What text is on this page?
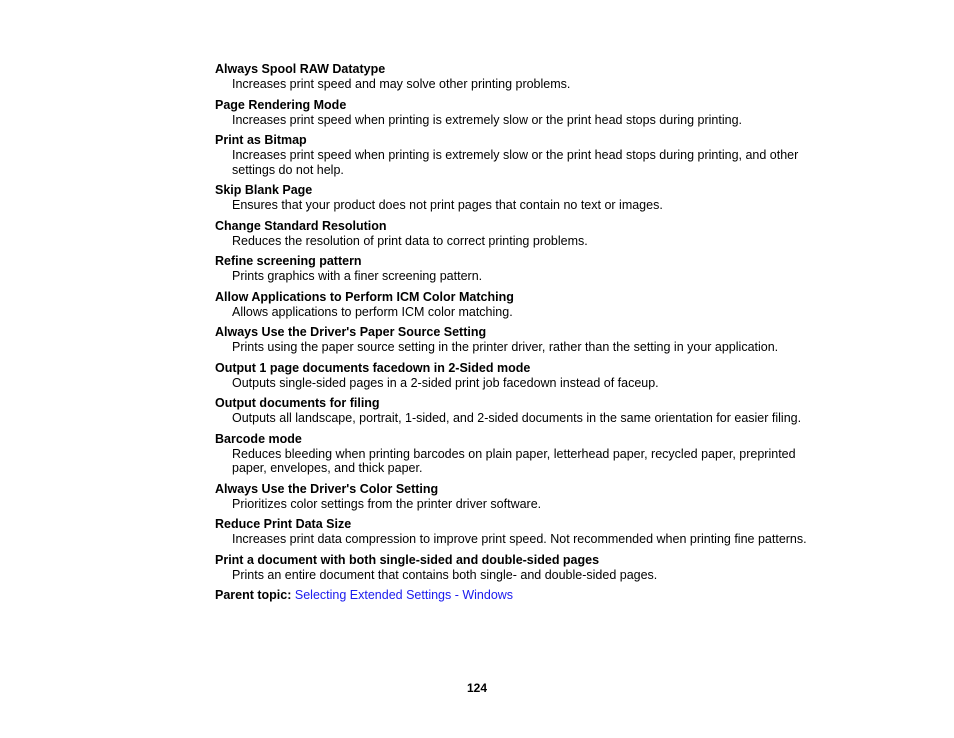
Always Spool RAW Datatype

Increases print speed and may solve other printing problems.

Page Rendering Mode

Increases print speed when printing is extremely slow or the print head stops during printing.

Print as Bitmap

Increases print speed when printing is extremely slow or the print head stops during printing, and other settings do not help.

Skip Blank Page

Ensures that your product does not print pages that contain no text or images.

Change Standard Resolution

Reduces the resolution of print data to correct printing problems.

Refine screening pattern

Prints graphics with a finer screening pattern.

Allow Applications to Perform ICM Color Matching

Allows applications to perform ICM color matching.

Always Use the Driver's Paper Source Setting

Prints using the paper source setting in the printer driver, rather than the setting in your application.

Output 1 page documents facedown in 2-Sided mode

Outputs single-sided pages in a 2-sided print job facedown instead of faceup.

Output documents for filing

Outputs all landscape, portrait, 1-sided, and 2-sided documents in the same orientation for easier filing.

Barcode mode

Reduces bleeding when printing barcodes on plain paper, letterhead paper, recycled paper, preprinted paper, envelopes, and thick paper.

Always Use the Driver's Color Setting

Prioritizes color settings from the printer driver software.

Reduce Print Data Size

Increases print data compression to improve print speed. Not recommended when printing fine patterns.

Print a document with both single-sided and double-sided pages

Prints an entire document that contains both single- and double-sided pages.

Parent topic: Selecting Extended Settings - Windows
124
